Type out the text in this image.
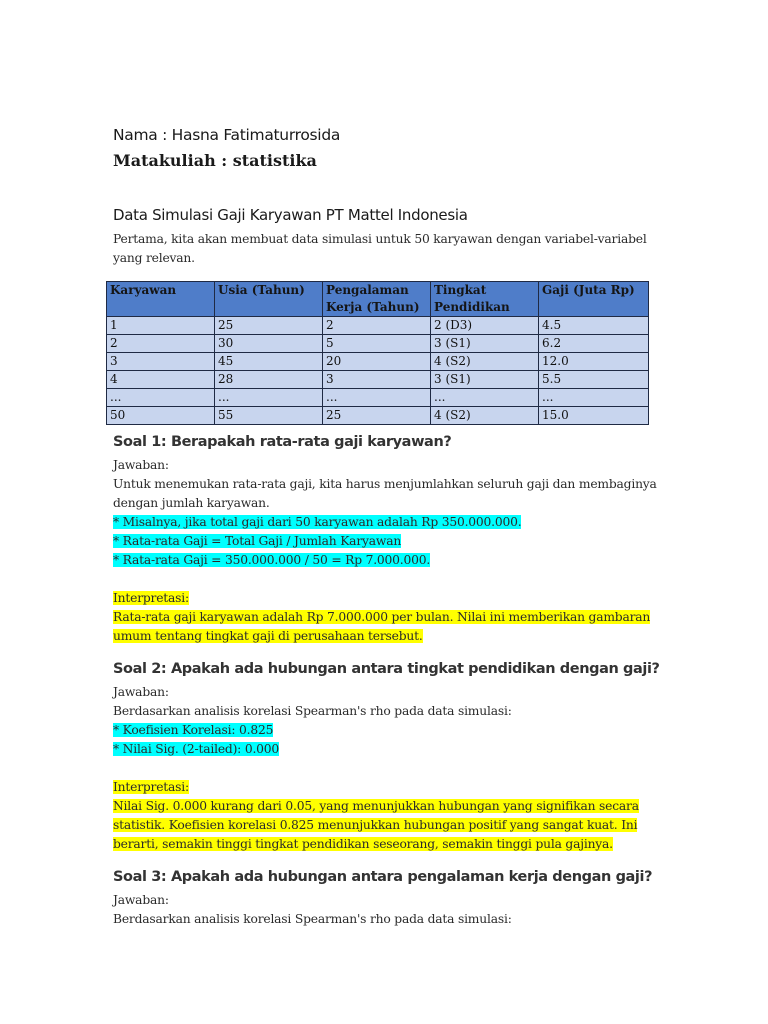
Nama : Hasna Fatimaturrosida
Matakuliah : statistika
Data Simulasi Gaji Karyawan PT Mattel Indonesia
Pertama, kita akan membuat data simulasi untuk 50 karyawan dengan variabel-variabel
yang relevan.
Karyawan	Usia (Tahun)	Pengalaman Kerja (Tahun)	Tingkat Pendidikan	Gaji (Juta Rp)
1	25	2	2 (D3)	4.5
2	30	5	3 (S1)	6.2
3	45	20	4 (S2)	12.0
4	28	3	3 (S1)	5.5
...	...	...	...	...
50	55	25	4 (S2)	15.0
Soal 1: Berapakah rata-rata gaji karyawan?
Jawaban:
Untuk menemukan rata-rata gaji, kita harus menjumlahkan seluruh gaji dan membaginya
dengan jumlah karyawan.
* Misalnya, jika total gaji dari 50 karyawan adalah Rp 350.000.000.
* Rata-rata Gaji = Total Gaji / Jumlah Karyawan
* Rata-rata Gaji = 350.000.000 / 50 = Rp 7.000.000.
Interpretasi:
Rata-rata gaji karyawan adalah Rp 7.000.000 per bulan. Nilai ini memberikan gambaran
umum tentang tingkat gaji di perusahaan tersebut.
Soal 2: Apakah ada hubungan antara tingkat pendidikan dengan gaji?
Jawaban:
Berdasarkan analisis korelasi Spearman's rho pada data simulasi:
* Koefisien Korelasi: 0.825
* Nilai Sig. (2-tailed): 0.000
Interpretasi:
Nilai Sig. 0.000 kurang dari 0.05, yang menunjukkan hubungan yang signifikan secara
statistik. Koefisien korelasi 0.825 menunjukkan hubungan positif yang sangat kuat. Ini
berarti, semakin tinggi tingkat pendidikan seseorang, semakin tinggi pula gajinya.
Soal 3: Apakah ada hubungan antara pengalaman kerja dengan gaji?
Jawaban:
Berdasarkan analisis korelasi Spearman's rho pada data simulasi:
